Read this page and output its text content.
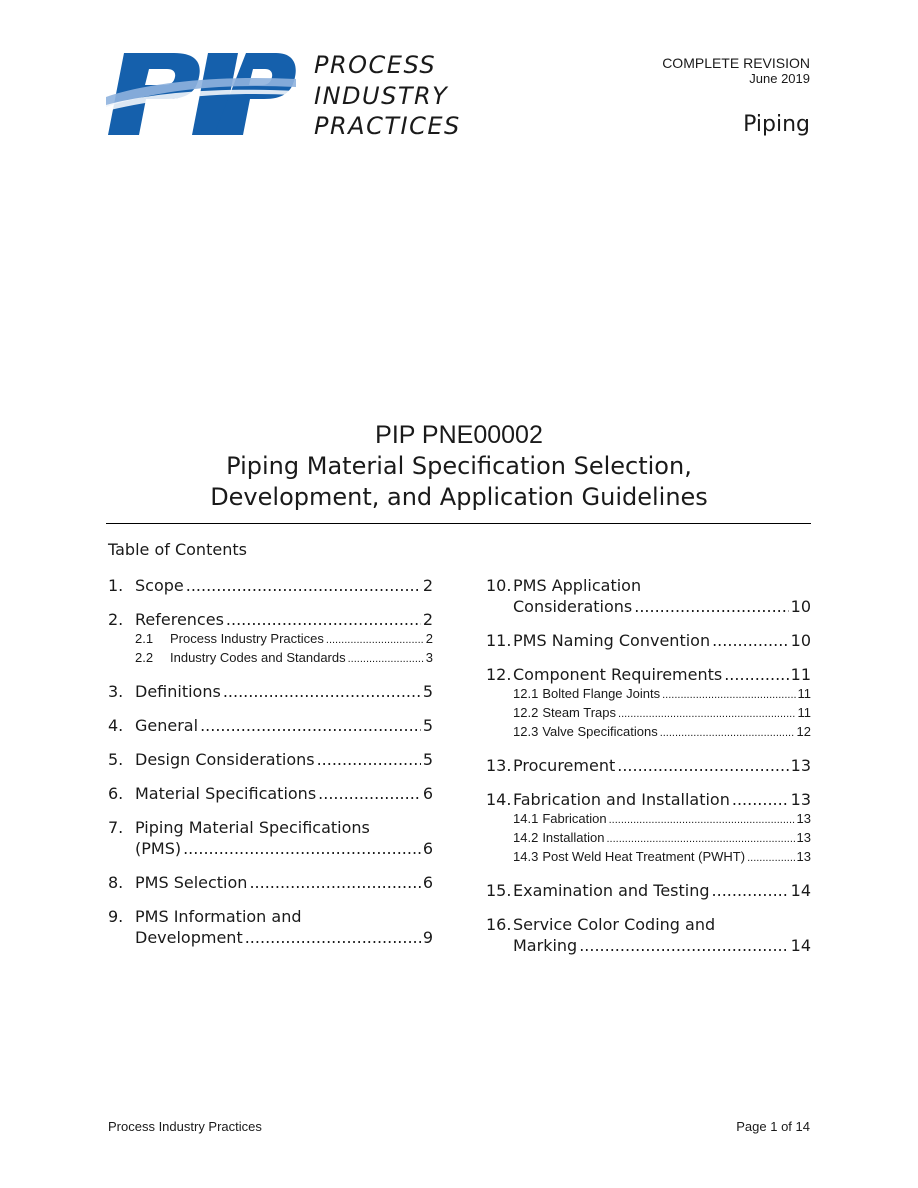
PROCESS
INDUSTRY
PRACTICES
COMPLETE REVISION
June 2019
Piping
PIP PNE00002
Piping Material Specification Selection,
Development, and Application Guidelines
Table of Contents
1. Scope .....	2
2. References .....	2
2.1	Process Industry Practices .....	2
2.2	Industry Codes and Standards .....	3
3. Definitions .....	5
4. General .....	5
5. Design Considerations .....	5
6. Material Specifications .....	6
7. Piping Material Specifications
(PMS) .....	6
8. PMS Selection .....	6
9. PMS Information and
Development .....	9
10. PMS Application
Considerations .....	10
11. PMS Naming Convention .....	10
12. Component Requirements .....	11
12.1 Bolted Flange Joints .....	11
12.2 Steam Traps .....	11
12.3 Valve Specifications .....	12
13. Procurement .....	13
14. Fabrication and Installation .....	13
14.1 Fabrication .....	13
14.2 Installation .....	13
14.3 Post Weld Heat Treatment (PWHT) .....	13
15. Examination and Testing .....	14
16. Service Color Coding and
Marking .....	14
Process Industry Practices	Page 1 of 14
